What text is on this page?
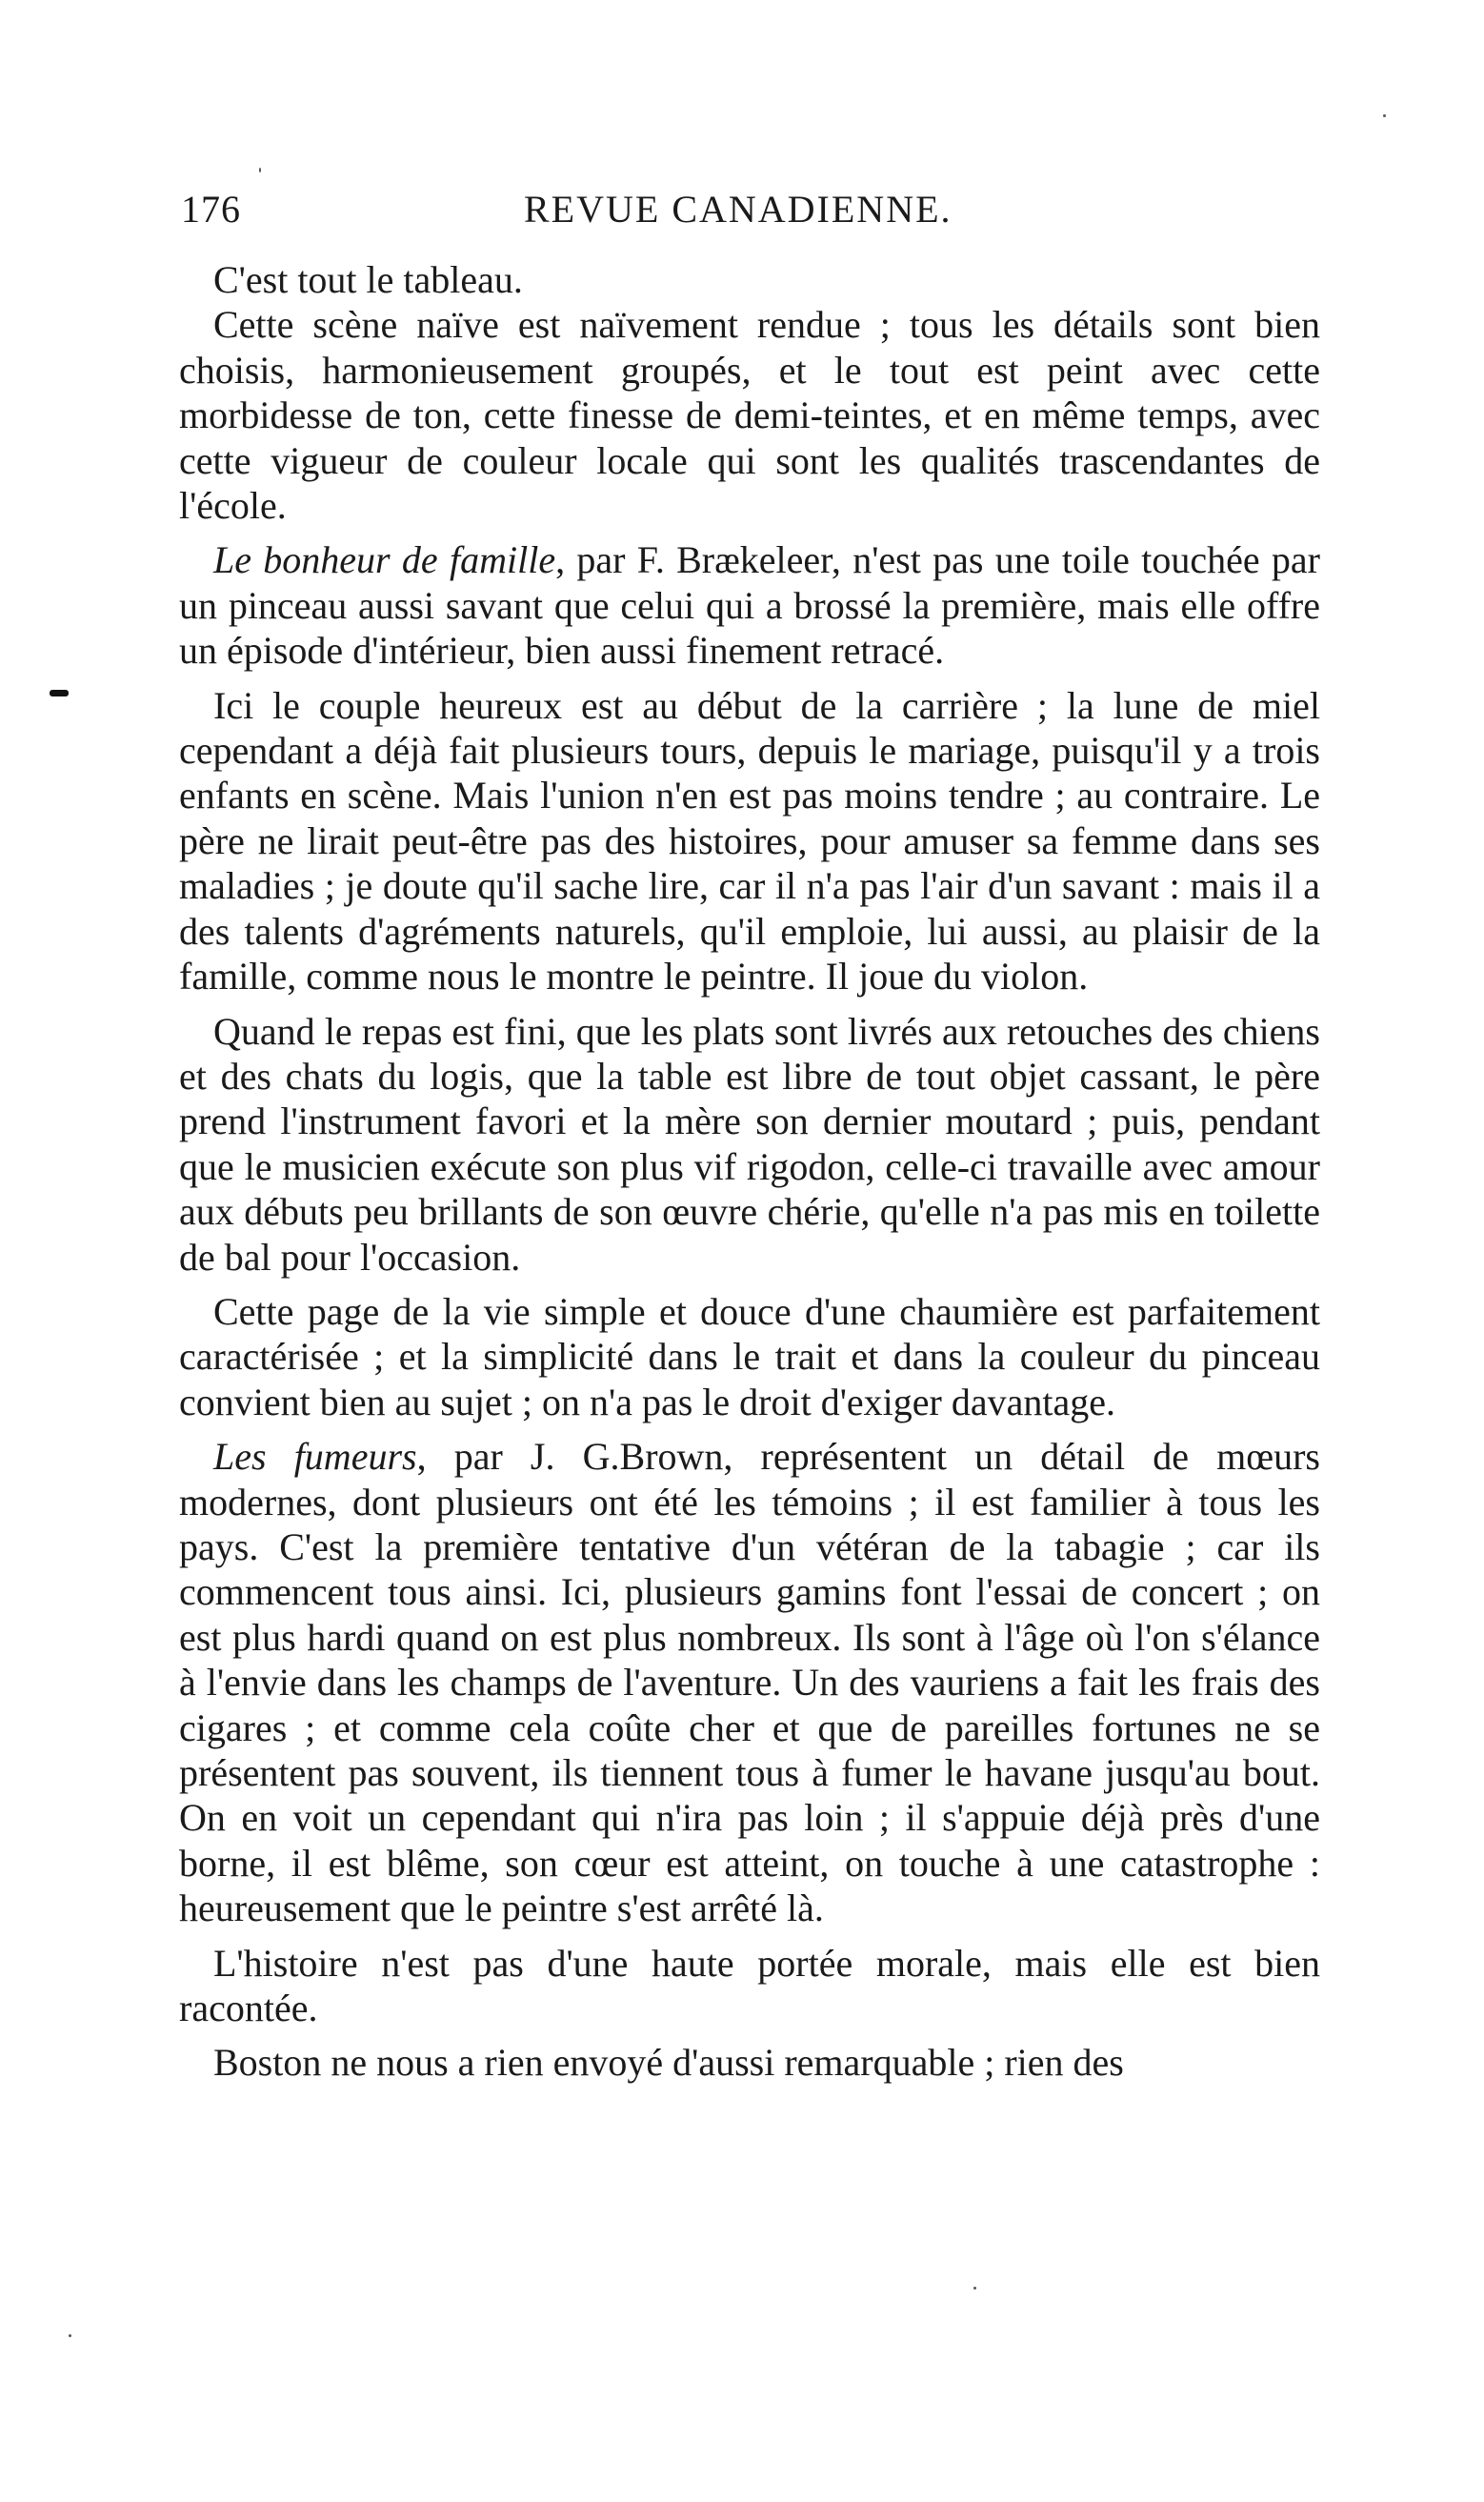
176	REVUE CANADIENNE.

C'est tout le tableau.

Cette scène naïve est naïvement rendue ; tous les détails sont bien choisis, harmonieusement groupés, et le tout est peint avec cette morbidesse de ton, cette finesse de demi-teintes, et en même temps, avec cette vigueur de couleur locale qui sont les qualités trascendantes de l'école.

Le bonheur de famille, par F. Brækeleer, n'est pas une toile touchée par un pinceau aussi savant que celui qui a brossé la première, mais elle offre un épisode d'intérieur, bien aussi finement retracé.

Ici le couple heureux est au début de la carrière ; la lune de miel cependant a déjà fait plusieurs tours, depuis le mariage, puisqu'il y a trois enfants en scène. Mais l'union n'en est pas moins tendre ; au contraire. Le père ne lirait peut-être pas des histoires, pour amuser sa femme dans ses maladies ; je doute qu'il sache lire, car il n'a pas l'air d'un savant : mais il a des talents d'agréments naturels, qu'il emploie, lui aussi, au plaisir de la famille, comme nous le montre le peintre. Il joue du violon.

Quand le repas est fini, que les plats sont livrés aux retouches des chiens et des chats du logis, que la table est libre de tout objet cassant, le père prend l'instrument favori et la mère son dernier moutard ; puis, pendant que le musicien exécute son plus vif rigodon, celle-ci travaille avec amour aux débuts peu brillants de son œuvre chérie, qu'elle n'a pas mis en toilette de bal pour l'occasion.

Cette page de la vie simple et douce d'une chaumière est parfaitement caractérisée ; et la simplicité dans le trait et dans la couleur du pinceau convient bien au sujet ; on n'a pas le droit d'exiger davantage.

Les fumeurs, par J. G.Brown, représentent un détail de mœurs modernes, dont plusieurs ont été les témoins ; il est familier à tous les pays. C'est la première tentative d'un vétéran de la tabagie ; car ils commencent tous ainsi. Ici, plusieurs gamins font l'essai de concert ; on est plus hardi quand on est plus nombreux. Ils sont à l'âge où l'on s'élance à l'envie dans les champs de l'aventure. Un des vauriens a fait les frais des cigares ; et comme cela coûte cher et que de pareilles fortunes ne se présentent pas souvent, ils tiennent tous à fumer le havane jusqu'au bout. On en voit un cependant qui n'ira pas loin ; il s'appuie déjà près d'une borne, il est blême, son cœur est atteint, on touche à une catastrophe : heureusement que le peintre s'est arrêté là.

L'histoire n'est pas d'une haute portée morale, mais elle est bien racontée.

Boston ne nous a rien envoyé d'aussi remarquable ; rien des
